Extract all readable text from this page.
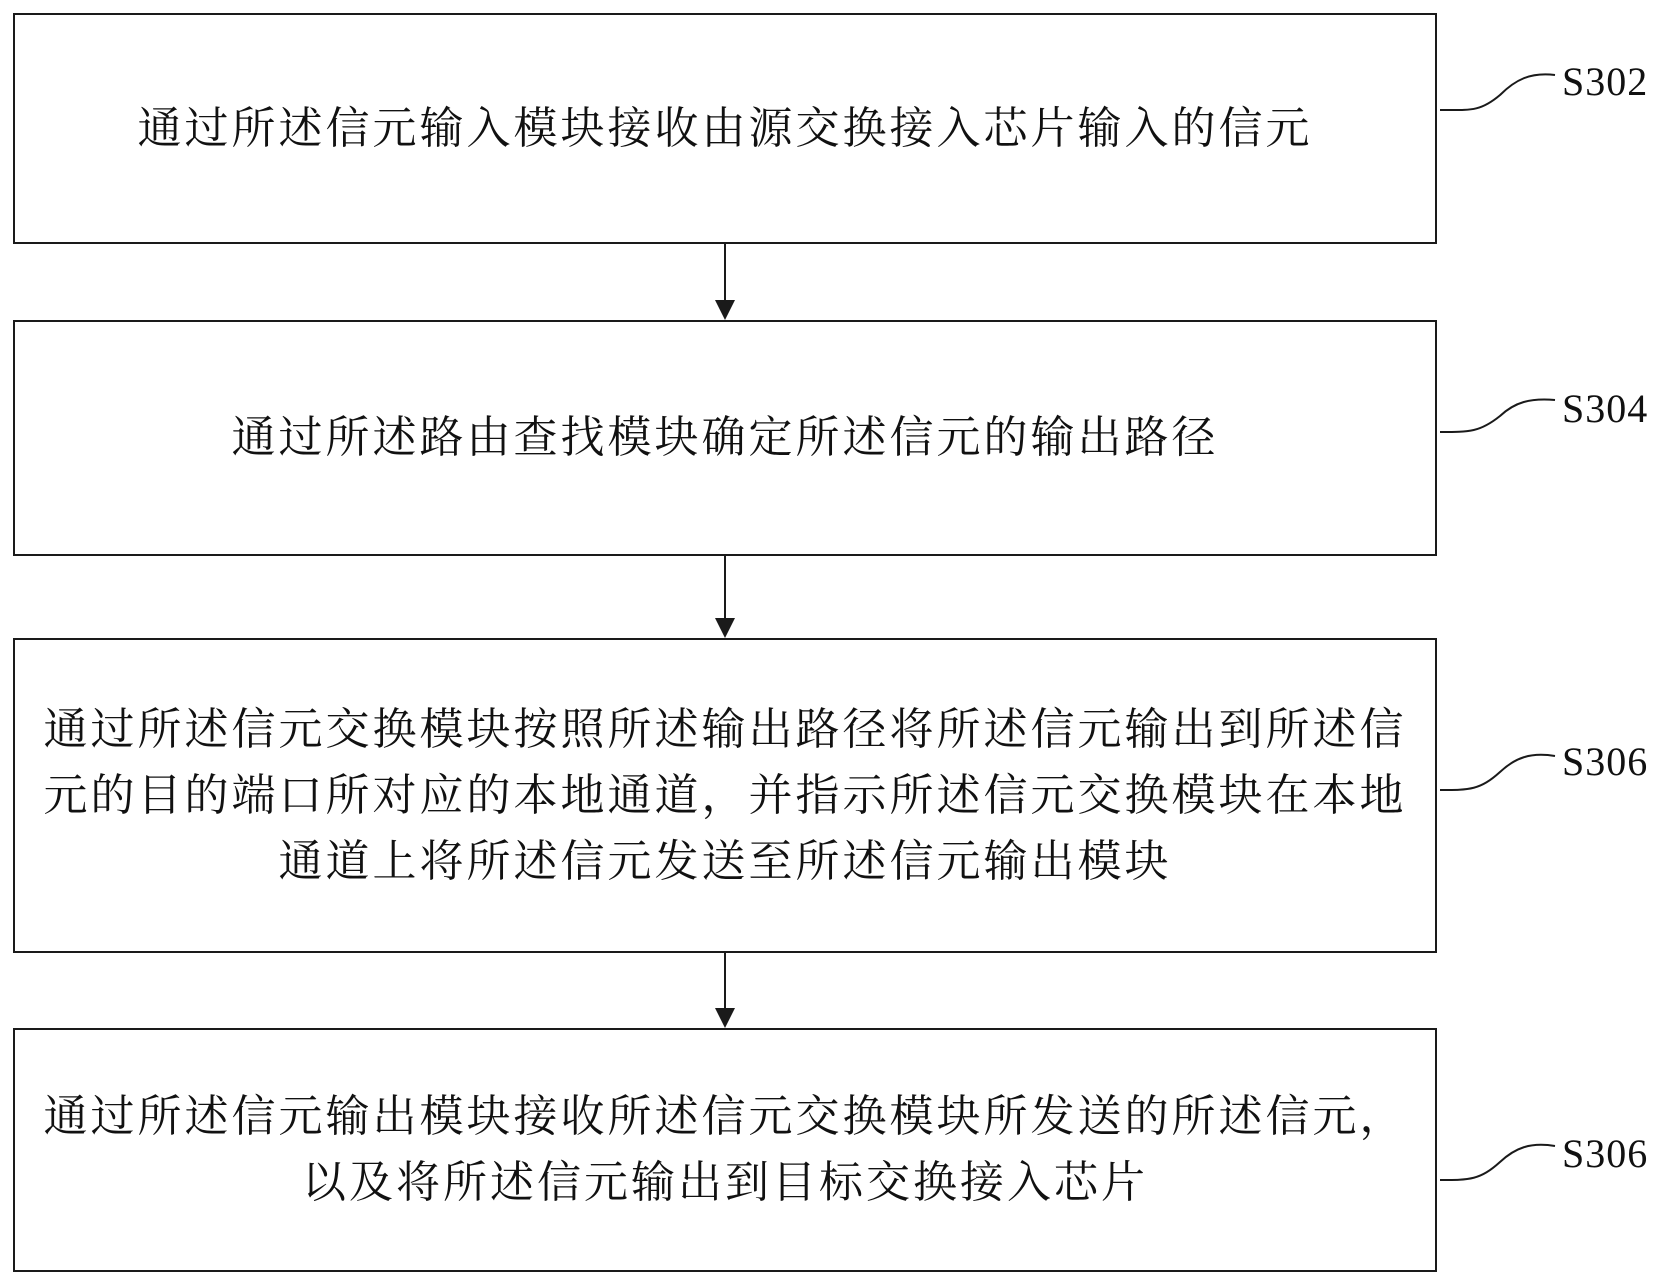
通过所述信元输入模块接收由源交换接入芯片输入的信元
通过所述路由查找模块确定所述信元的输出路径
通过所述信元交换模块按照所述输出路径将所述信元输出到所述信元的目的端口所对应的本地通道，并指示所述信元交换模块在本地通道上将所述信元发送至所述信元输出模块
通过所述信元输出模块接收所述信元交换模块所发送的所述信元，以及将所述信元输出到目标交换接入芯片
S302
S304
S306
S306
